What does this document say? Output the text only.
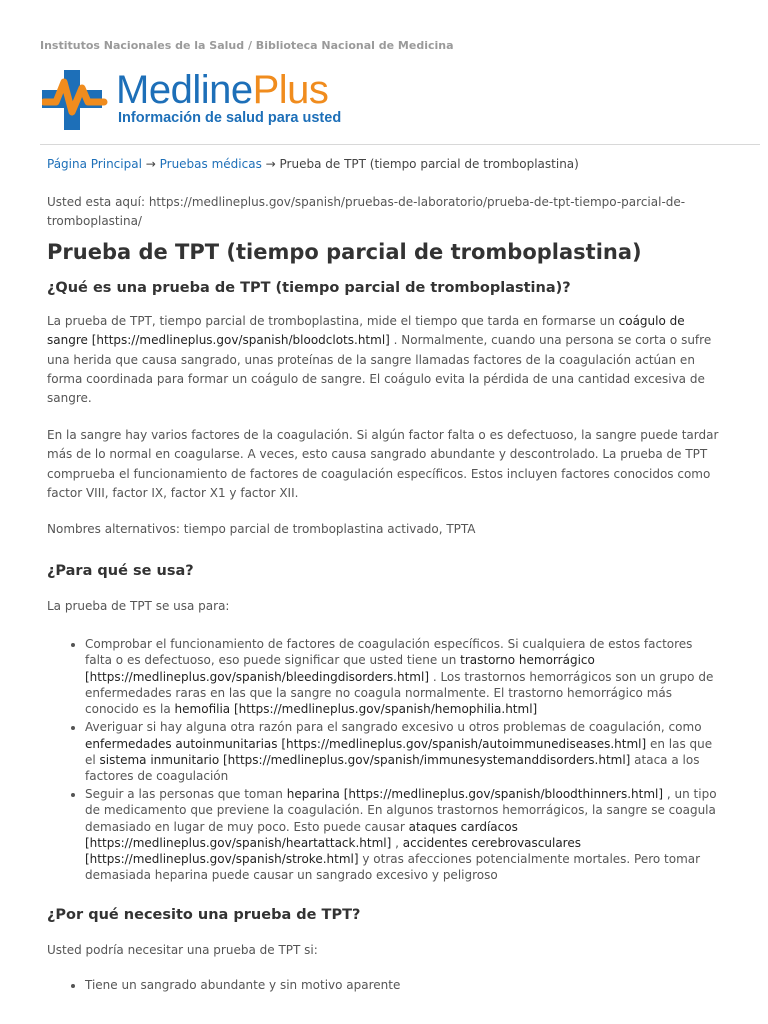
Institutos Nacionales de la Salud / Biblioteca Nacional de Medicina
MedlinePlus
Información de salud para usted
Página Principal → Pruebas médicas → Prueba de TPT (tiempo parcial de tromboplastina)

Usted esta aquí: https://medlineplus.gov/spanish/pruebas-de-laboratorio/prueba-de-tpt-tiempo-parcial-de-tromboplastina/

Prueba de TPT (tiempo parcial de tromboplastina)
¿Qué es una prueba de TPT (tiempo parcial de tromboplastina)?

La prueba de TPT, tiempo parcial de tromboplastina, mide el tiempo que tarda en formarse un coágulo de sangre [https://medlineplus.gov/spanish/bloodclots.html] . Normalmente, cuando una persona se corta o sufre una herida que causa sangrado, unas proteínas de la sangre llamadas factores de la coagulación actúan en forma coordinada para formar un coágulo de sangre. El coágulo evita la pérdida de una cantidad excesiva de sangre.

En la sangre hay varios factores de la coagulación. Si algún factor falta o es defectuoso, la sangre puede tardar más de lo normal en coagularse. A veces, esto causa sangrado abundante y descontrolado. La prueba de TPT comprueba el funcionamiento de factores de coagulación específicos. Estos incluyen factores conocidos como factor VIII, factor IX, factor X1 y factor XII.

Nombres alternativos: tiempo parcial de tromboplastina activado, TPTA

¿Para qué se usa?

La prueba de TPT se usa para:

• Comprobar el funcionamiento de factores de coagulación específicos. Si cualquiera de estos factores falta o es defectuoso, eso puede significar que usted tiene un trastorno hemorrágico [https://medlineplus.gov/spanish/bleedingdisorders.html] . Los trastornos hemorrágicos son un grupo de enfermedades raras en las que la sangre no coagula normalmente. El trastorno hemorrágico más conocido es la hemofilia [https://medlineplus.gov/spanish/hemophilia.html]
• Averiguar si hay alguna otra razón para el sangrado excesivo u otros problemas de coagulación, como enfermedades autoinmunitarias [https://medlineplus.gov/spanish/autoimmunediseases.html] en las que el sistema inmunitario [https://medlineplus.gov/spanish/immunesystemanddisorders.html] ataca a los factores de coagulación
• Seguir a las personas que toman heparina [https://medlineplus.gov/spanish/bloodthinners.html] , un tipo de medicamento que previene la coagulación. En algunos trastornos hemorrágicos, la sangre se coagula demasiado en lugar de muy poco. Esto puede causar ataques cardíacos [https://medlineplus.gov/spanish/heartattack.html] , accidentes cerebrovasculares [https://medlineplus.gov/spanish/stroke.html] y otras afecciones potencialmente mortales. Pero tomar demasiada heparina puede causar un sangrado excesivo y peligroso
¿Por qué necesito una prueba de TPT?

Usted podría necesitar una prueba de TPT si:

• Tiene un sangrado abundante y sin motivo aparente
